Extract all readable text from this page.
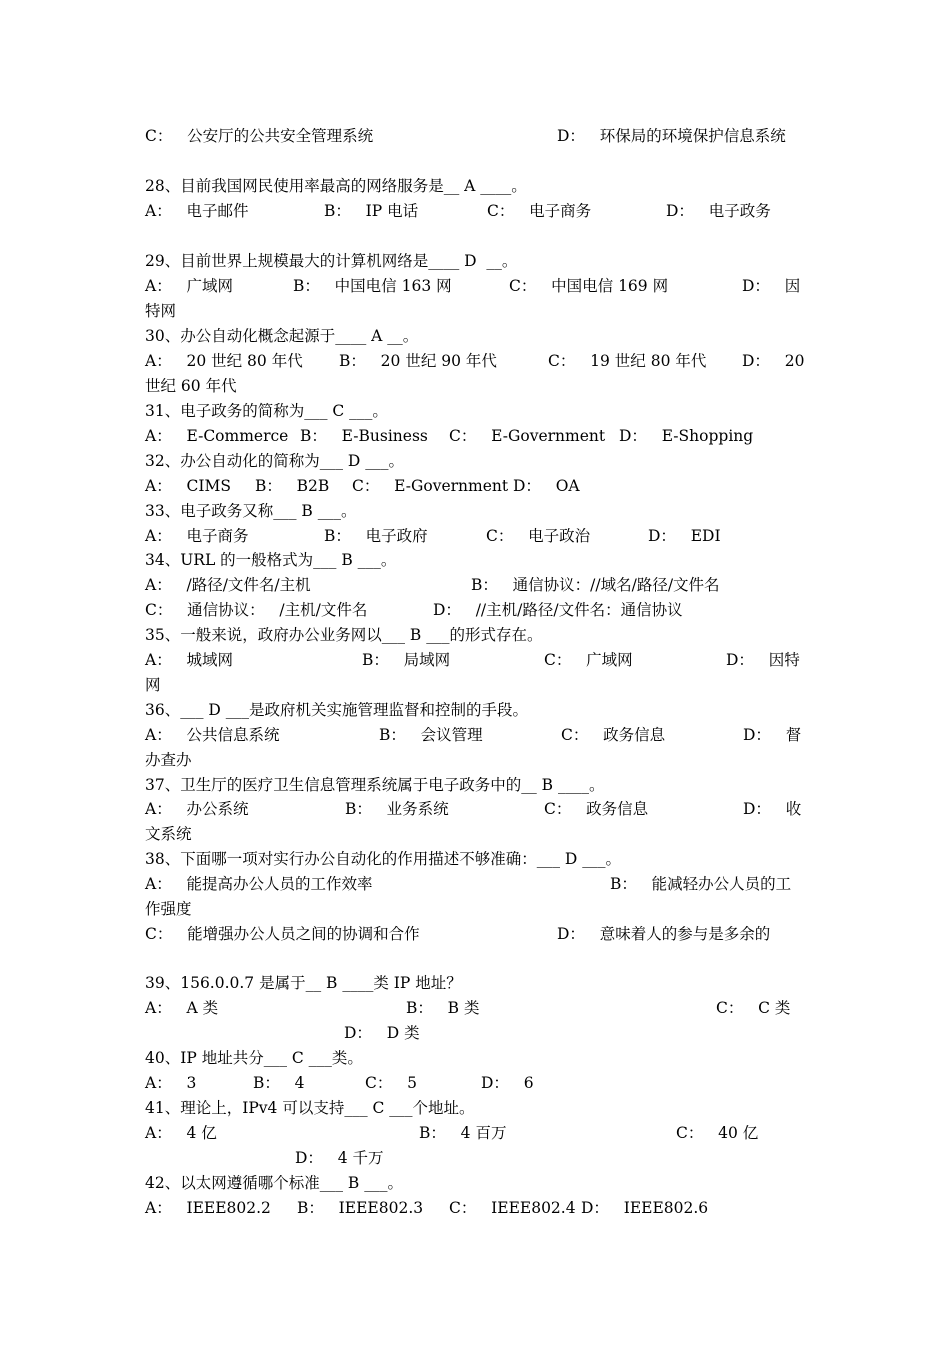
C：   公安厅的公共安全管理系统

	D：   环保局的环境保护信息系统

28、目前我国网民使用率最高的网络服务是__ A ____。

A：   电子邮件

	B：   IP 电话

	C：   电子商务

	D：   电子政务

29、目前世界上规模最大的计算机网络是____ D  __。

A：   广域网

	B：   中国电信 163 网

	C：   中国电信 169 网

	D：   因

特网

30、办公自动化概念起源于____ A __。

A：   20 世纪 80 年代

B：   20 世纪 90 年代

	C：   19 世纪 80 年代

D：   20

世纪 60 年代

31、电子政务的简称为___ C ___。

A：   E-Commerce

B：   E-Business

C：   E-Government

D：   E-Shopping

32、办公自动化的简称为___ D ___。

A：   CIMS

B：   B2B

C：   E-Government

D：   OA

33、电子政务又称___ B ___。

A：   电子商务

	B：   电子政府

	C：   电子政治

	D：   EDI

34、URL 的一般格式为___ B ___。

A：   /路径/文件名/主机

	B：   通信协议：//域名/路径/文件名

C：   通信协议：   /主机/文件名

	D：   //主机/路径/文件名：通信协议

35、一般来说，政府办公业务网以___ B ___的形式存在。

A：   城域网

	B：   局域网

	C：   广域网

	D：   因特

网

36、___ D ___是政府机关实施管理监督和控制的手段。

A：   公共信息系统

	B：   会议管理

	C：   政务信息

	D：   督

办查办

37、卫生厅的医疗卫生信息管理系统属于电子政务中的__ B ____。

A：   办公系统

	B：   业务系统

	C：   政务信息

	D：   收

文系统

38、下面哪一项对实行办公自动化的作用描述不够准确：___ D ___。

A：   能提高办公人员的工作效率

	B：   能减轻办公人员的工

作强度

C：   能增强办公人员之间的协调和合作

	D：   意味着人的参与是多余的

39、156.0.0.7 是属于__ B ____类 IP 地址？

A：   A 类

	B：   B 类

	C：   C 类

D：   D 类

40、IP 地址共分___ C ___类。

A：   3

	B：   4

	C：   5

	D：   6

41、理论上，IPv4 可以支持___ C ___个地址。

A：   4 亿

	B：   4 百万

	C：   40 亿

D：   4 千万

42、以太网遵循哪个标准___ B ___。

A：   IEEE802.2

B：   IEEE802.3

C：   IEEE802.4

D：   IEEE802.6
